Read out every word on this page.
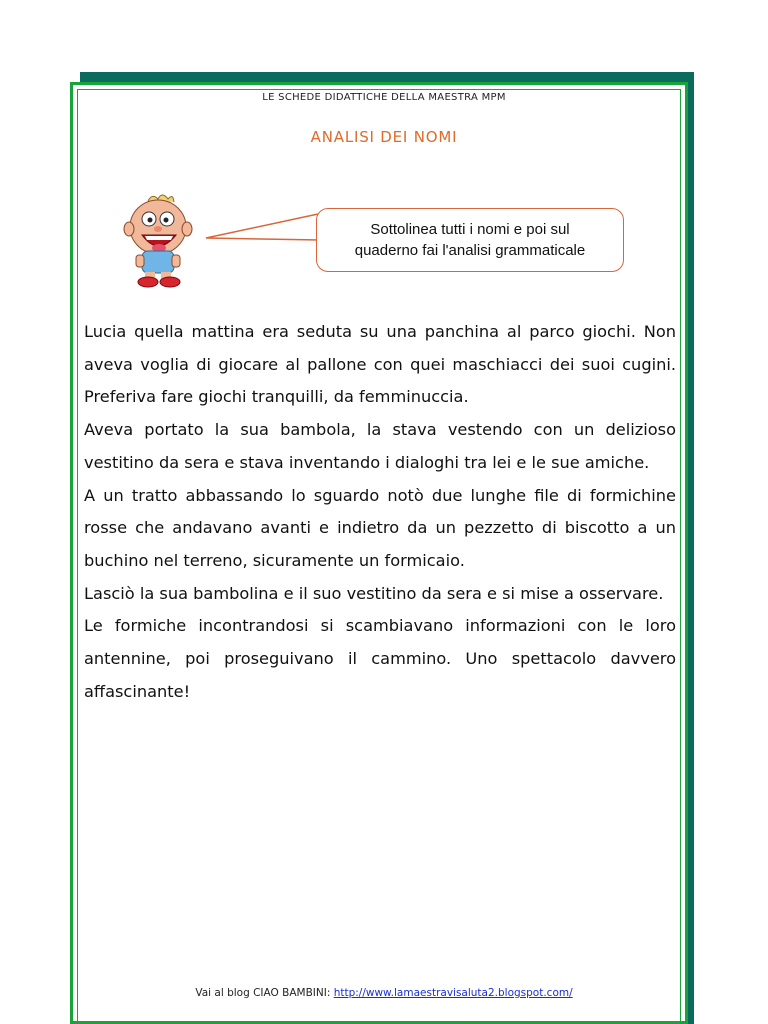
LE SCHEDE DIDATTICHE DELLA MAESTRA MPM
ANALISI DEI NOMI
Sottolinea tutti i nomi e poi sul
quaderno fai l'analisi grammaticale

Lucia quella mattina era seduta su una panchina al parco giochi. Non aveva voglia di giocare al pallone con quei maschiacci dei suoi cugini. Preferiva fare giochi tranquilli, da femminuccia.

Aveva portato la sua bambola, la stava vestendo con un delizioso vestitino da sera e stava inventando i dialoghi tra lei e le sue amiche.

A un tratto abbassando lo sguardo notò due lunghe file di formichine rosse che andavano avanti e indietro da un pezzetto di biscotto a un buchino nel terreno, sicuramente un formicaio.

Lasciò la sua bambolina e il suo vestitino da sera e si mise a osservare.

Le formiche incontrandosi si scambiavano informazioni con le loro antennine, poi proseguivano il cammino. Uno spettacolo davvero affascinante!

Vai al blog CIAO BAMBINI: http://www.lamaestravisaluta2.blogspot.com/
